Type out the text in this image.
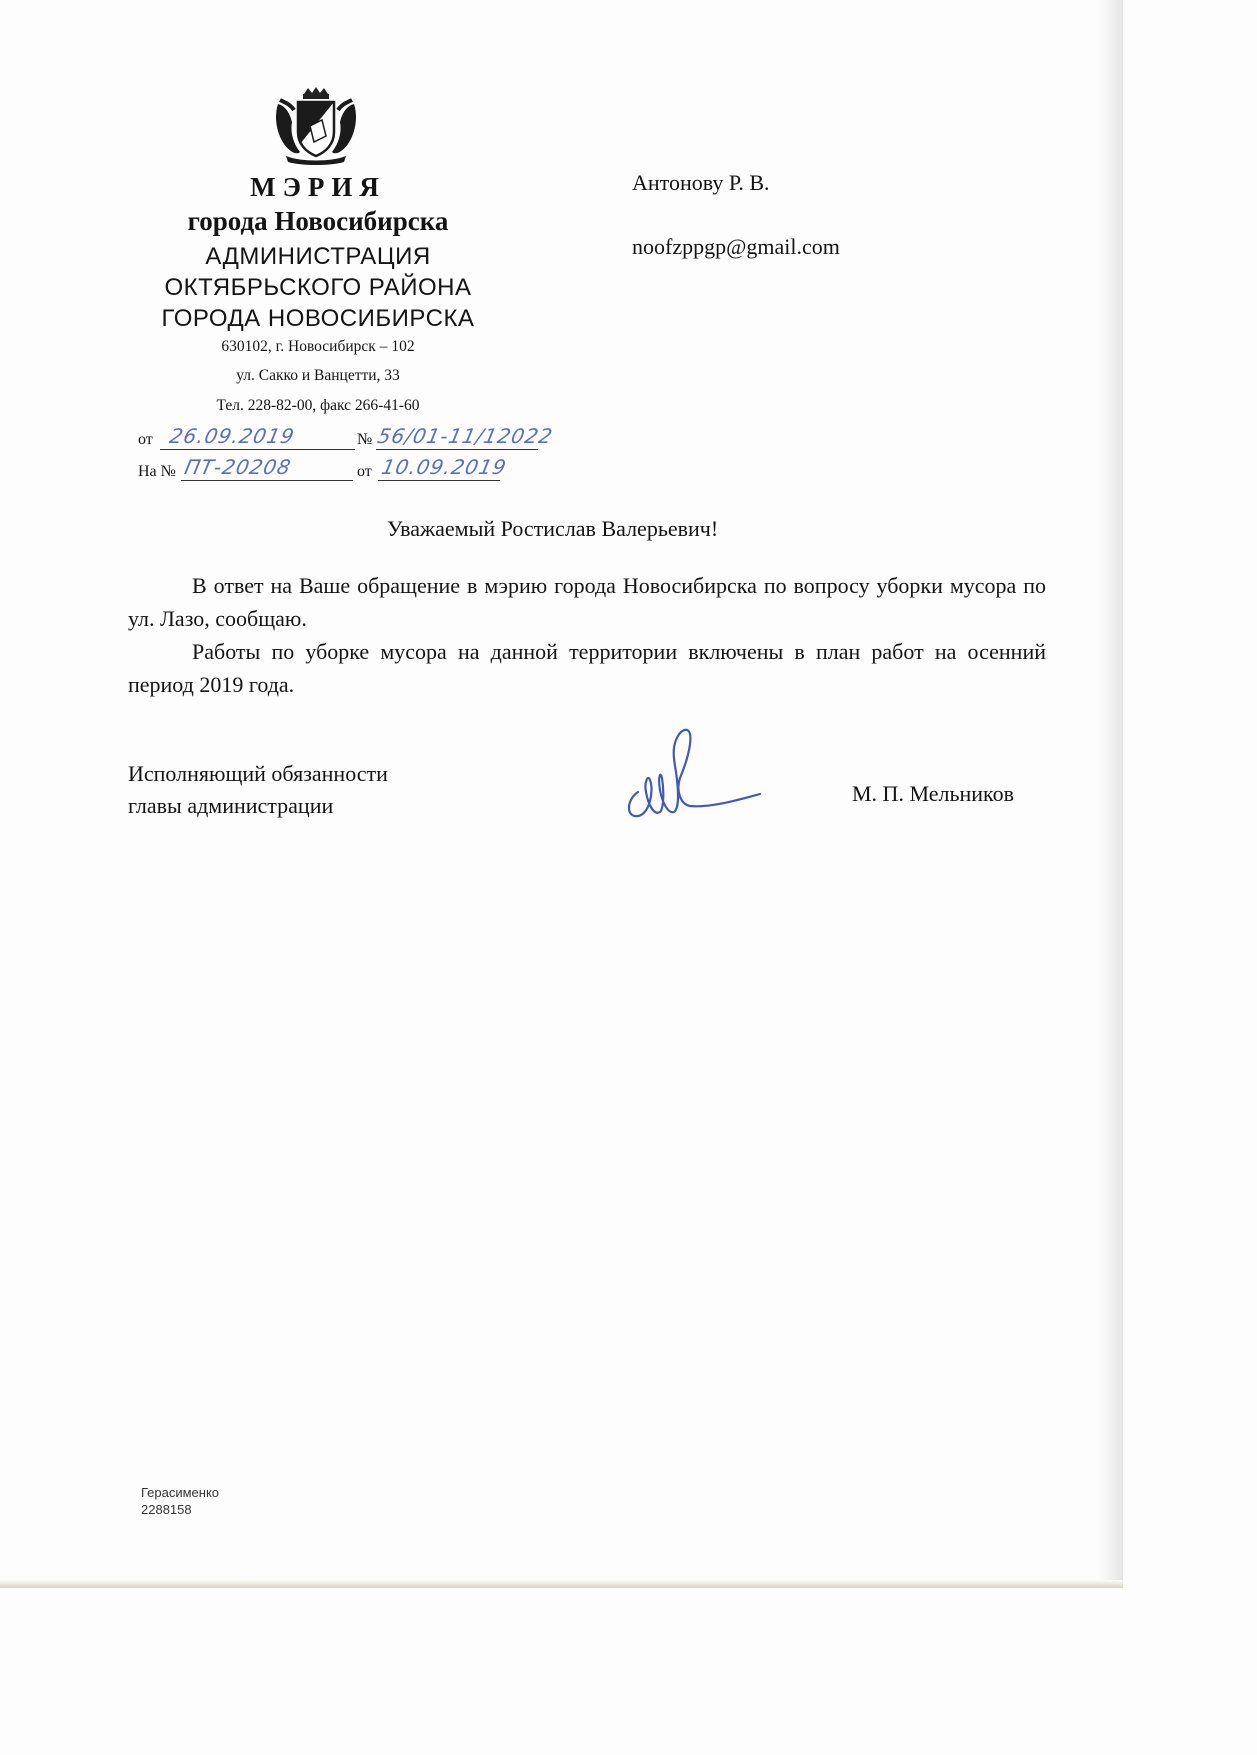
МЭРИЯ
города Новосибирска
АДМИНИСТРАЦИЯ
ОКТЯБРЬСКОГО РАЙОНА
ГОРОДА НОВОСИБИРСКА
630102, г. Новосибирск – 102
ул. Сакко и Ванцетти, 33
Тел. 228-82-00, факс 266-41-60
от 26.09.2019	№ 56/01-11/12022
На № ПТ-20208	от 10.09.2019
Антонову Р. В.
noofzppgp@gmail.com
Уважаемый Ростислав Валерьевич!

В ответ на Ваше обращение в мэрию города Новосибирска по вопросу уборки мусора по ул. Лазо, сообщаю.

Работы по уборке мусора на данной территории включены в план работ на осенний период 2019 года.

Исполняющий обязанности
главы администрации	М. П. Мельников
Герасименко
2288158
